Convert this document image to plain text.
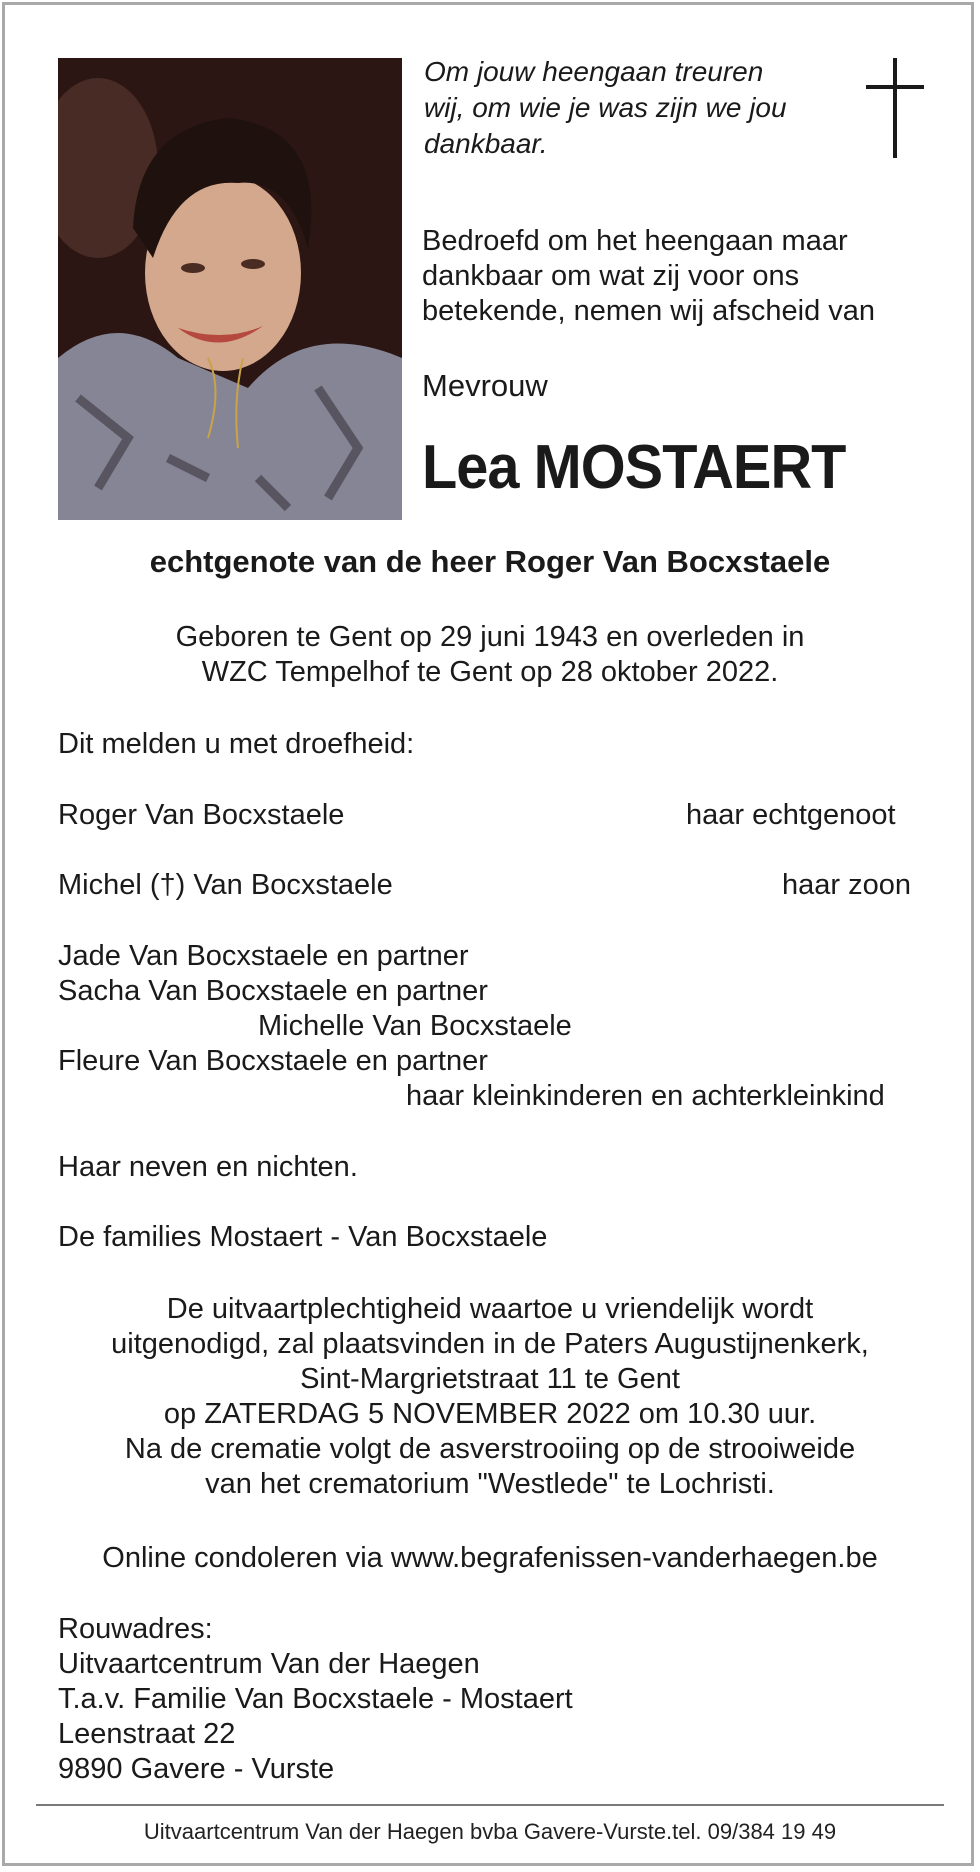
Om jouw heengaan treuren
wij, om wie je was zijn we jou
dankbaar.
Bedroefd om het heengaan maar
dankbaar om wat zij voor ons
betekende, nemen wij afscheid van
Mevrouw
Lea MOSTAERT
echtgenote van de heer Roger Van Bocxstaele
Geboren te Gent op 29 juni 1943 en overleden in
WZC Tempelhof te Gent op 28 oktober 2022.
Dit melden u met droefheid:
Roger Van Bocxstaele	haar echtgenoot
Michel (†) Van Bocxstaele	haar zoon
Jade Van Bocxstaele en partner
Sacha Van Bocxstaele en partner
Michelle Van Bocxstaele
Fleure Van Bocxstaele en partner
haar kleinkinderen en achterkleinkind
Haar neven en nichten.
De families Mostaert - Van Bocxstaele
De uitvaartplechtigheid waartoe u vriendelijk wordt
uitgenodigd, zal plaatsvinden in de Paters Augustijnenkerk,
Sint-Margrietstraat 11 te Gent
op ZATERDAG 5 NOVEMBER 2022 om 10.30 uur.
Na de crematie volgt de asverstrooiing op de strooiweide
van het crematorium "Westlede" te Lochristi.
Online condoleren via www.begrafenissen-vanderhaegen.be
Rouwadres:
Uitvaartcentrum Van der Haegen
T.a.v. Familie Van Bocxstaele - Mostaert
Leenstraat 22
9890 Gavere - Vurste
Uitvaartcentrum Van der Haegen bvba Gavere-Vurste.tel. 09/384 19 49
